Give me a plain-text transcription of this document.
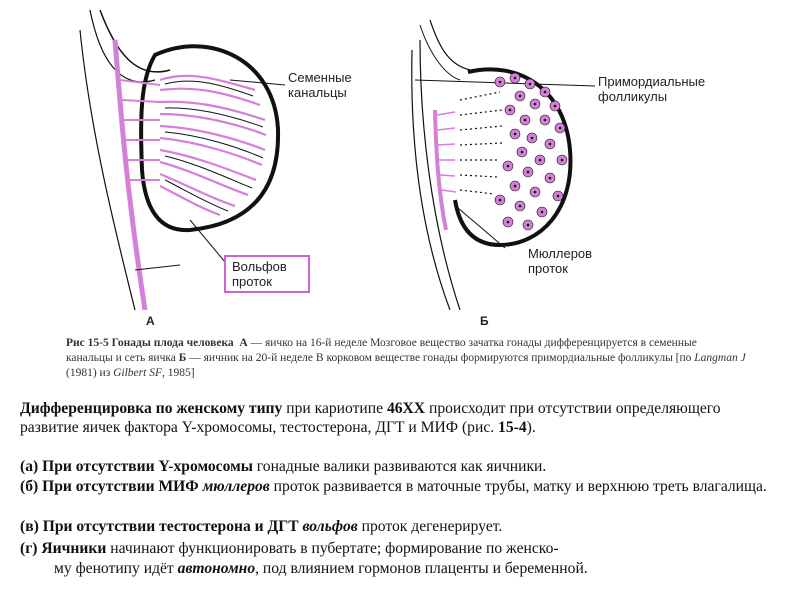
Семенные
канальцы
Вольфов
проток
А
Примордиальные
фолликулы
Мюллеров
проток
Б
Рис 15-5 Гонады плода человека А — яичко на 16-й неделе Мозговое вещество зачатка гонады дифференцируется в семенные канальцы и сеть яичка Б — яичник на 20-й неделе В корковом веществе гонады формируются примордиальные фолликулы [по Langman J (1981) из Gilbert SF, 1985]
Дифференцировка по женскому типу при кариотипе 46XX происходит при отсутствии определяющего развитие яичек фактора Y-хромосомы, тестостерона, ДГТ и МИФ (рис. 15-4).
(а) При отсутствии Y-хромосомы гонадные валики развиваются как яичники.
(б) При отсутствии МИФ мюллеров проток развивается в маточные трубы, матку и верхнюю треть влагалища.
(в) При отсутствии тестостерона и ДГТ вольфов проток дегенерирует.
(г) Яичники начинают функционировать в пубертате; формирование по женско-
му фенотипу идёт автономно, под влиянием гормонов плаценты и беременной.
